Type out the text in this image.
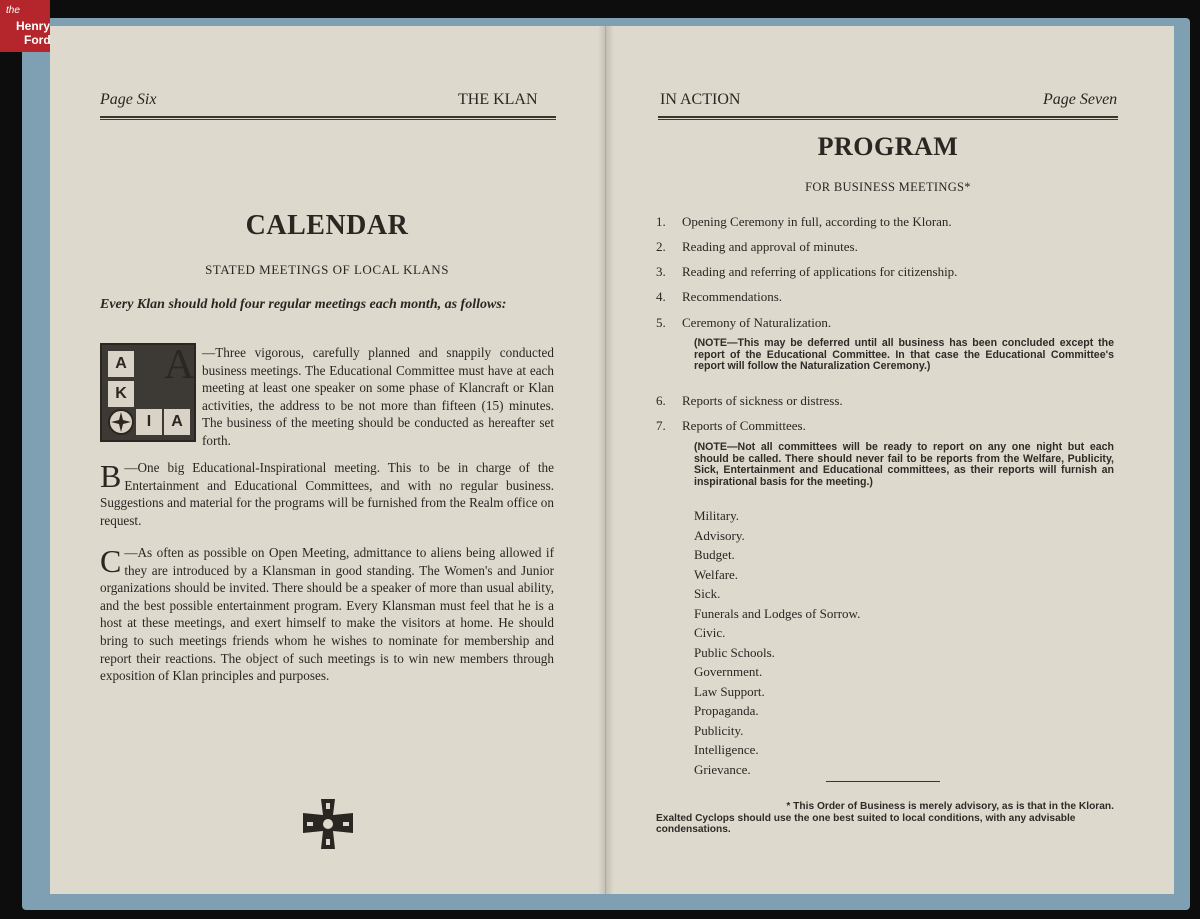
the
Henry
Ford
Page Six	THE KLAN
CALENDAR
STATED MEETINGS OF LOCAL KLANS
Every Klan should hold four regular meetings each month, as follows:
A
K
I	A
A —Three vigorous, carefully planned and snappily conducted business meetings. The Educational Committee must have at each meeting at least one speaker on some phase of Klancraft or Klan activities, the address to be not more than fifteen (15) minutes. The business of the meeting should be conducted as hereafter set forth.
B —One big Educational-Inspirational meeting. This to be in charge of the Entertainment and Educational Committees, and with no regular business. Suggestions and material for the programs will be furnished from the Realm office on request.
C —As often as possible on Open Meeting, admittance to aliens being allowed if they are introduced by a Klansman in good standing. The Women's and Junior organizations should be invited. There should be a speaker of more than usual ability, and the best possible entertainment program. Every Klansman must feel that he is a host at these meetings, and exert himself to make the visitors at home. He should bring to such meetings friends whom he wishes to nominate for membership and report their reactions. The object of such meetings is to win new members through exposition of Klan principles and purposes.
IN ACTION	Page Seven
PROGRAM
FOR BUSINESS MEETINGS*
1. Opening Ceremony in full, according to the Kloran.
2. Reading and approval of minutes.
3. Reading and referring of applications for citizenship.
4. Recommendations.
5. Ceremony of Naturalization.
(NOTE—This may be deferred until all business has been concluded except the report of the Educational Committee. In that case the Educational Committee's report will follow the Naturalization Ceremony.)
6. Reports of sickness or distress.
7. Reports of Committees.
(NOTE—Not all committees will be ready to report on any one night but each should be called. There should never fail to be reports from the Welfare, Publicity, Sick, Entertainment and Educational committees, as their reports will furnish an inspirational basis for the meeting.)
Military.
Advisory.
Budget.
Welfare.
Sick.
Funerals and Lodges of Sorrow.
Civic.
Public Schools.
Government.
Law Support.
Propaganda.
Publicity.
Intelligence.
Grievance.
* This Order of Business is merely advisory, as is that in the Kloran.
Exalted Cyclops should use the one best suited to local conditions, with any advisable condensations.
